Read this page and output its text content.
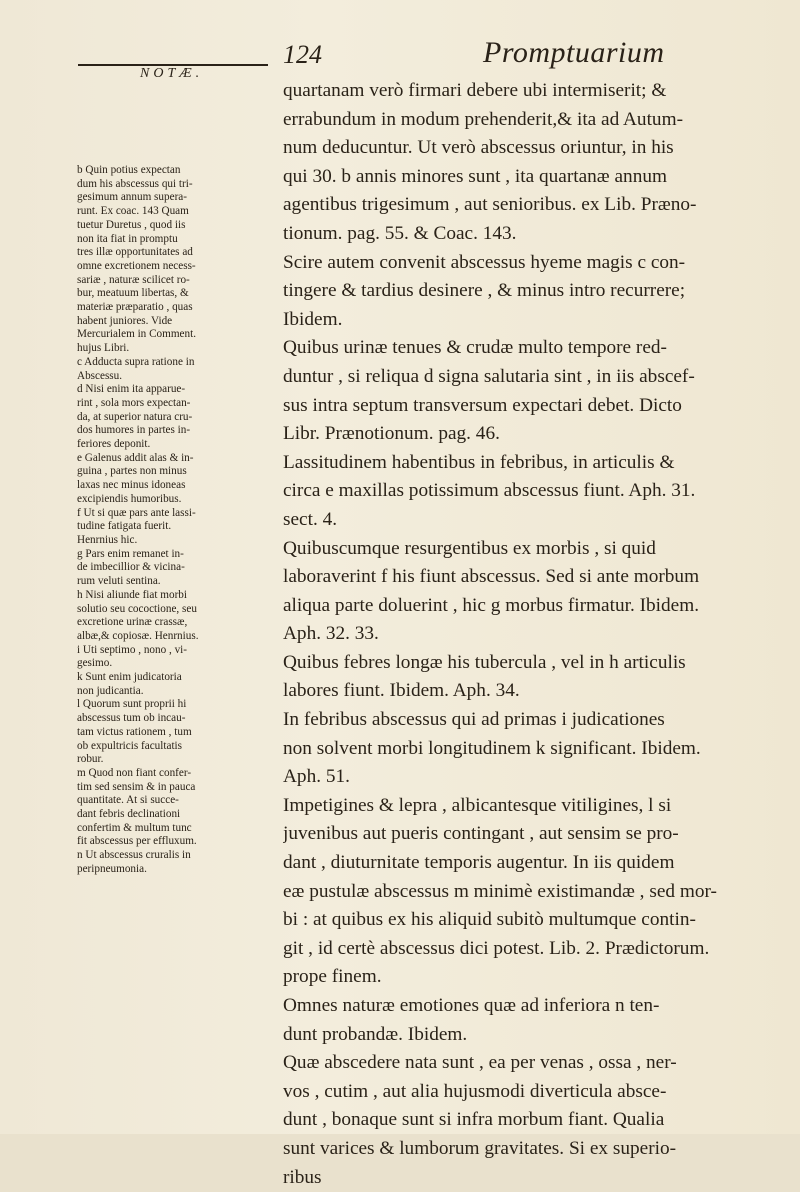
124	Promptuarium
NOTÆ.

quartanam verò firmari debere ubi intermiserit; &

errabundum in modum prehenderit,& ita ad Autum-

num deducuntur. Ut verò abscessus oriuntur, in his

qui 30. b annis minores sunt , ita quartanæ annum

agentibus trigesimum , aut senioribus. ex Lib. Præno-

tionum. pag. 55. & Coac. 143.

Scire autem convenit abscessus hyeme magis c con-

tingere & tardius desinere , & minus intro recurrere;

Ibidem.

Quibus urinæ tenues & crudæ multo tempore red-

duntur , si reliqua d signa salutaria sint , in iis abscef-

sus intra septum transversum expectari debet. Dicto

Libr. Prænotionum. pag. 46.

Lassitudinem habentibus in febribus, in articulis &

circa e maxillas potissimum abscessus fiunt. Aph. 31.

sect. 4.

Quibuscumque resurgentibus ex morbis , si quid

laboraverint f his fiunt abscessus. Sed si ante morbum

aliqua parte doluerint , hic g morbus firmatur. Ibidem.

Aph. 32. 33.

Quibus febres longæ his tubercula , vel in h articulis

labores fiunt. Ibidem. Aph. 34.

In febribus abscessus qui ad primas i judicationes

non solvent morbi longitudinem k significant. Ibidem.

Aph. 51.

Impetigines & lepra , albicantesque vitiligines, l si

juvenibus aut pueris contingant , aut sensim se pro-

dant , diuturnitate temporis augentur. In iis quidem

eæ pustulæ abscessus m minimè existimandæ , sed mor-

bi : at quibus ex his aliquid subitò multumque contin-

git , id certè abscessus dici potest. Lib. 2. Prædictorum.

prope finem.

Omnes naturæ emotiones quæ ad inferiora n ten-

dunt probandæ. Ibidem.

Quæ abscedere nata sunt , ea per venas , ossa , ner-

vos , cutim , aut alia hujusmodi diverticula absce-

dunt , bonaque sunt si infra morbum fiant. Qualia

sunt varices & lumborum gravitates. Si ex superio-

ribus

b Quin potius expectan

dum his abscessus qui tri-

gesimum annum supera-

runt. Ex coac. 143 Quam

tuetur Duretus , quod iis

non ita fiat in promptu

tres illæ opportunitates ad

omne excretionem necess-

sariæ , naturæ scilicet ro-

bur, meatuum libertas, &

materiæ præparatio , quas

habent juniores. Vide

Mercurialem in Comment.

hujus Libri.

c Adducta supra ratione in

Abscessu.

d Nisi enim ita apparue-

rint , sola mors expectan-

da, at superior natura cru-

dos humores in partes in-

feriores deponit.

e Galenus addit alas & in-

guina , partes non minus

laxas nec minus idoneas

excipiendis humoribus.

f Ut si quæ pars ante lassi-

tudine fatigata fuerit.

Henrnius hic.

g Pars enim remanet in-

de imbecillior & vicina-

rum veluti sentina.

h Nisi aliunde fiat morbi

solutio seu cococtione, seu

excretione urinæ crassæ,

albæ,& copiosæ. Henrnius.

i Uti septimo , nono , vi-

gesimo.

k Sunt enim judicatoria

non judicantia.

l Quorum sunt proprii hi

abscessus tum ob incau-

tam victus rationem , tum

ob expultricis facultatis

robur.

m Quod non fiant confer-

tim sed sensim & in pauca

quantitate. At si succe-

dant febris declinationi

confertim & multum tunc

fit abscessus per effluxum.

n Ut abscessus cruralis in

peripneumonia.
